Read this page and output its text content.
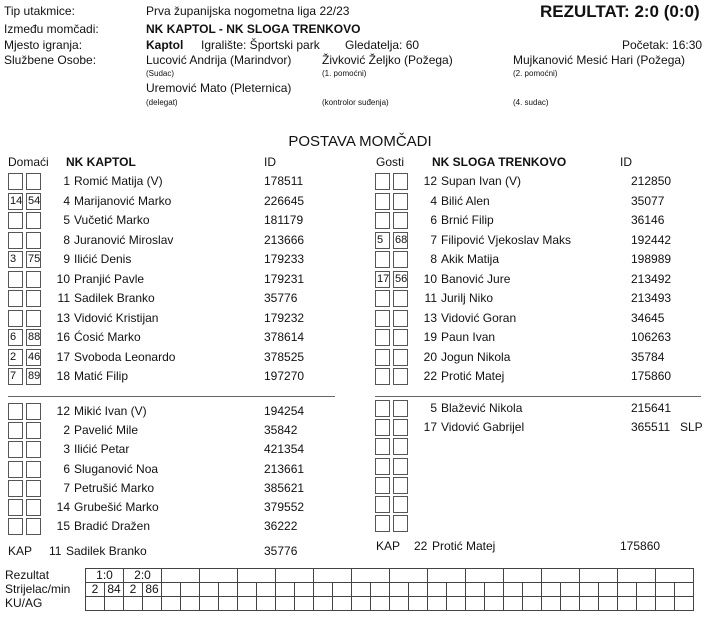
Tip utakmice:	Prva županijska nogometna liga 22/23	REZULTAT: 2:0 (0:0)
Između momčadi:	NK KAPTOL - NK SLOGA TRENKOVO
Mjesto igranja:	Kaptol Igralište: Športski park Gledatelja: 60	Početak: 16:30
Službene Osobe:	Lucović Andrija (Marindvor)
(Sudac)
Živković Željko (Požega)
(1. pomoćni)
Mujkanović Mesić Hari (Požega)
(2. pomoćni)
Uremović Mato (Pleternica)
(delegat)	(kontrolor suđenja)	(4. sudac)
POSTAVA MOMČADI
Domaći NK KAPTOL	ID	Gosti NK SLOGA TRENKOVO	ID
1 Romić Matija (V)	178511
14 54	4 Marijanović Marko	226645
5 Vučetić Marko	181179
8 Juranović Miroslav	213666
3	75	9 Ilićić Denis	179233
10 Pranjić Pavle	179231
11 Sadilek Branko	35776
13 Vidović Kristijan	179232
6	88	16 Ćosić Marko	378614
2	46	17 Svoboda Leonardo	378525
7	89	18 Matić Filip	197270
12 Mikić Ivan (V)	194254
2 Pavelić Mile	35842
3 Ilićić Petar	421354
6 Sluganović Noa	213661
7 Petrušić Marko	385621
14 Grubešić Marko	379552
15 Bradić Dražen	36222
12 Supan Ivan (V)	212850
4 Bilić Alen	35077
6 Brnić Filip	36146
5	68	7 Filipović Vjekoslav Maks	192442
8 Akik Matija	198989
17 56	10 Banović Jure	213492
11 Jurilj Niko	213493
13 Vidović Goran	34645
19 Paun Ivan	106263
20 Jogun Nikola	35784
22 Protić Matej	175860
5 Blažević Nikola	215641
17 Vidović Gabrijel	365511 SLP
KAP 11 Sadilek Branko	35776	KAP 22 Protić Matej	175860
Rezultat	1:0		2:0																													
Strijelac/min	2	84	2	86																												
KU/AG																																
